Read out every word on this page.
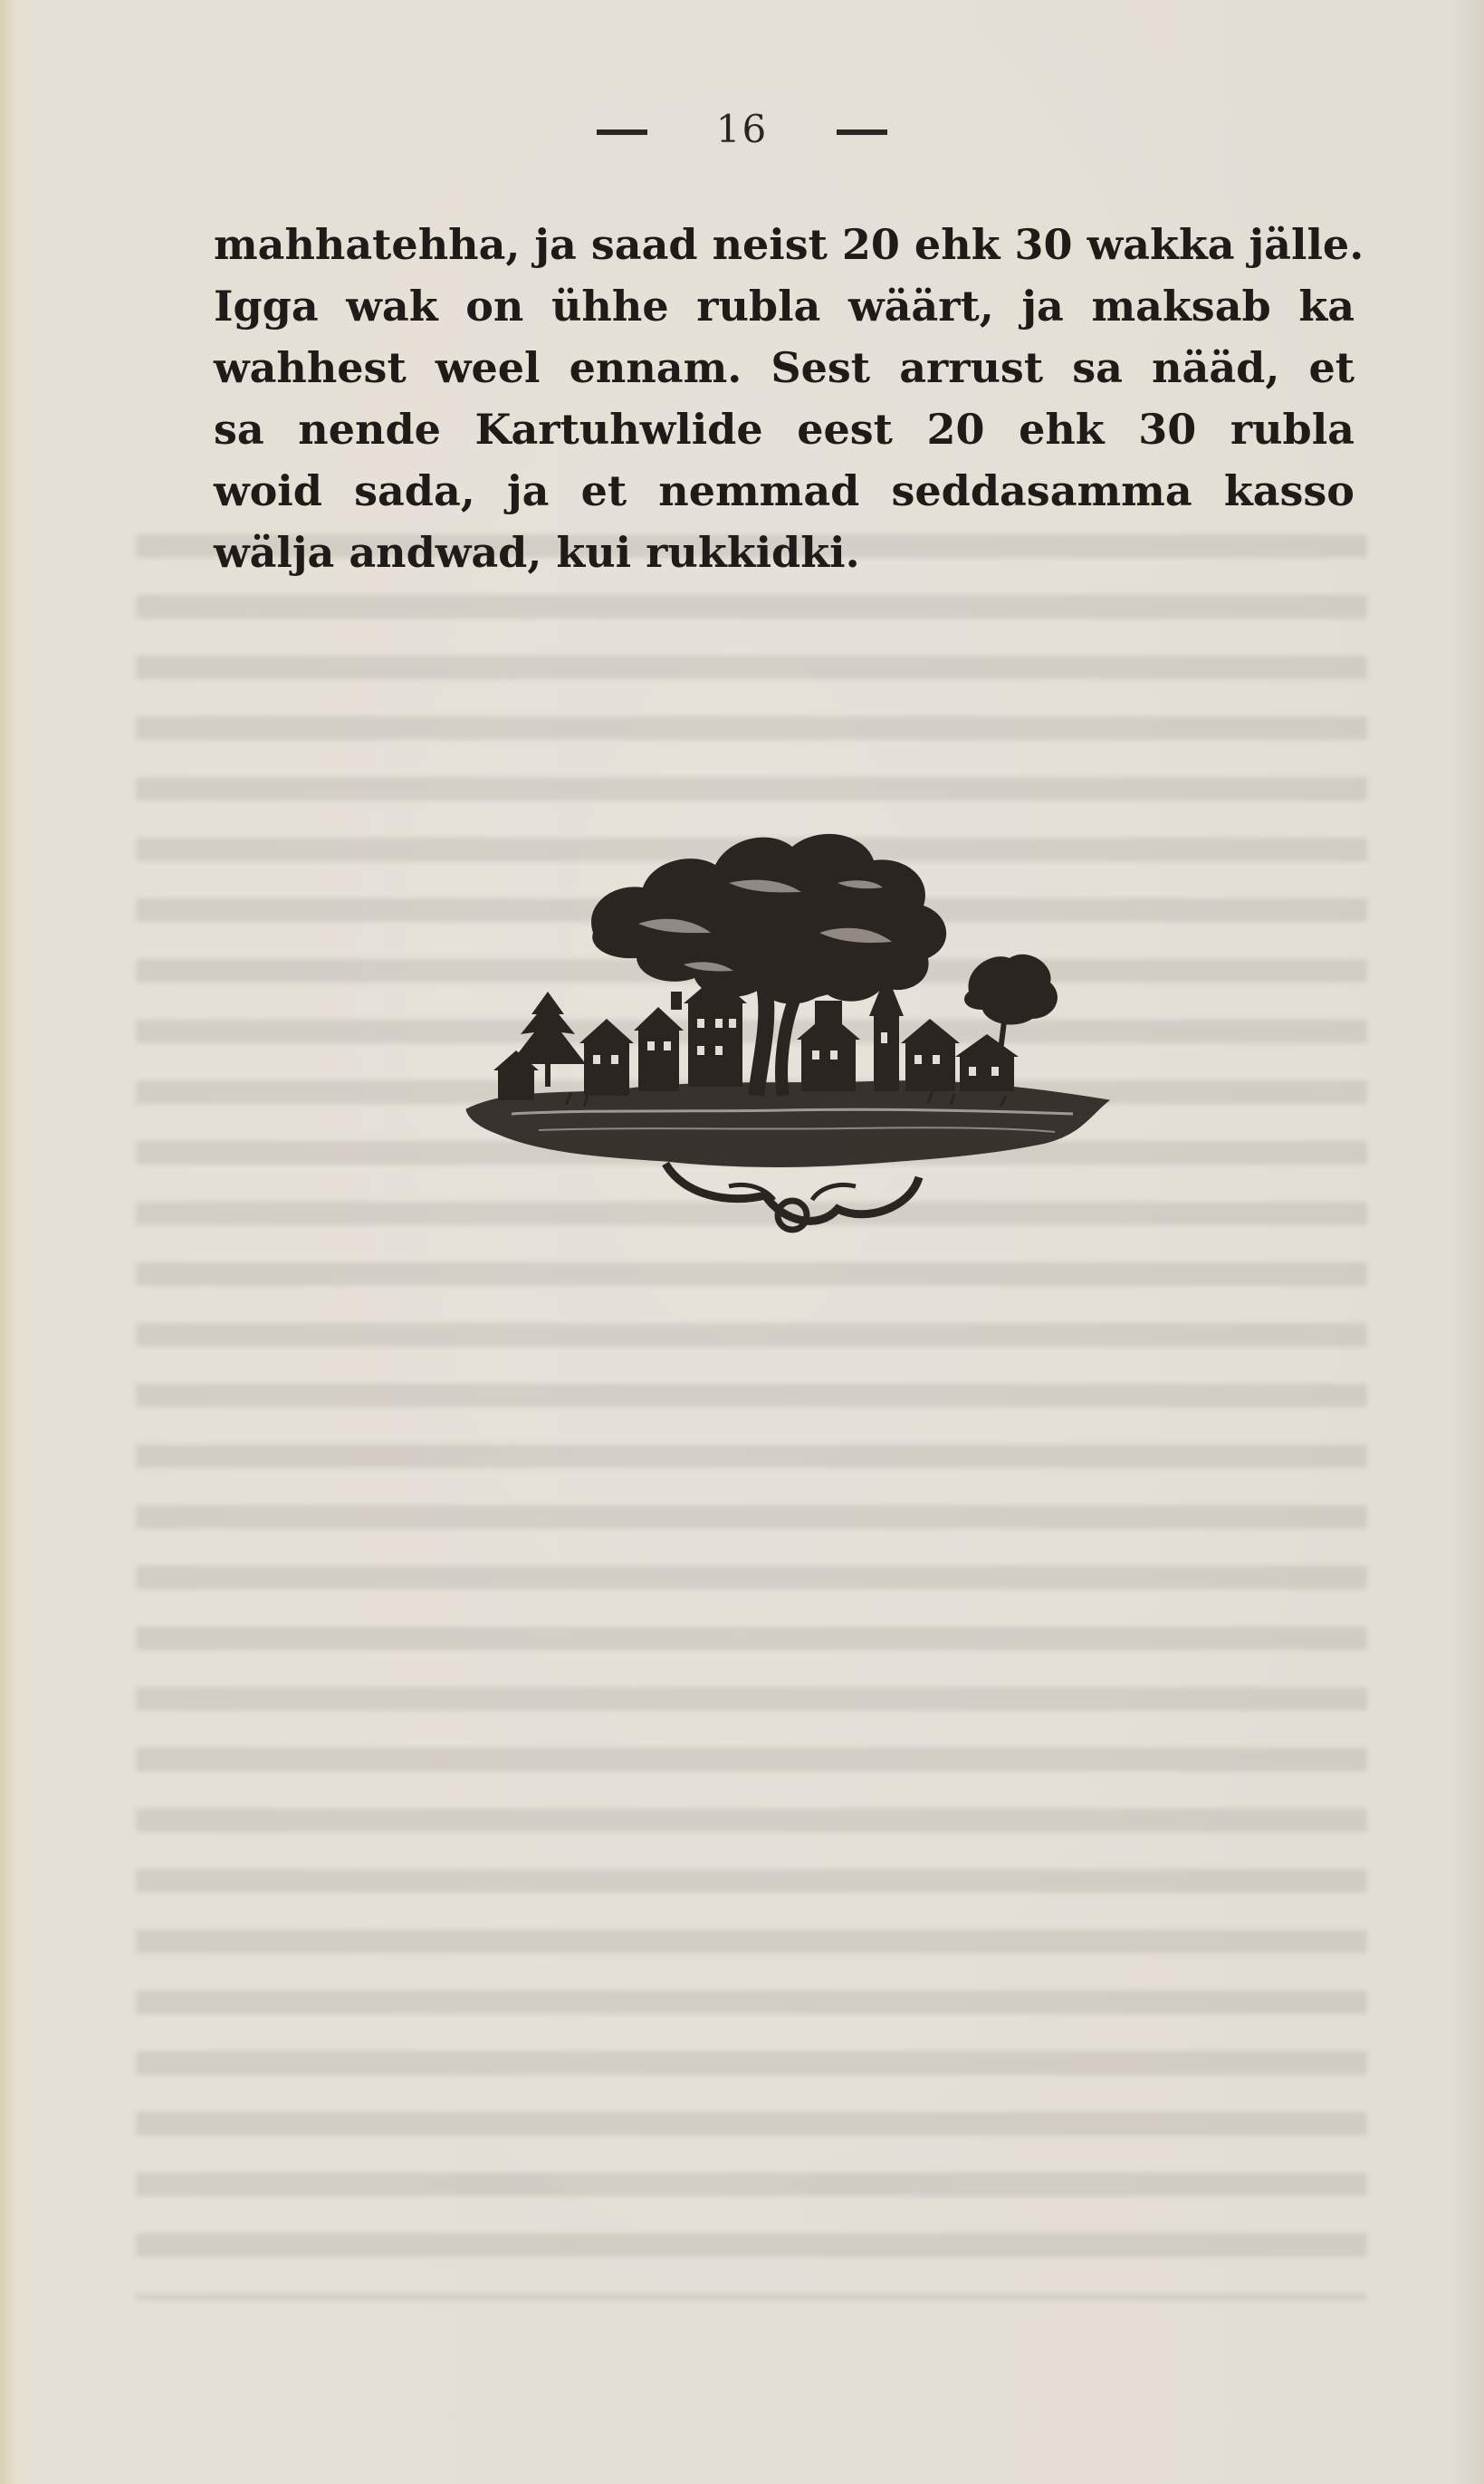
16
mahhatehha, ja saad neist 20 ehk 30 wakka jälle.
Igga wak on ühhe rubla wäärt, ja maksab ka
wahhest weel ennam. Sest arrust sa nääd, et
sa nende Kartuhwlide eest 20 ehk 30 rubla
woid sada, ja et nemmad seddasamma kasso
wälja andwad, kui rukkidki.
